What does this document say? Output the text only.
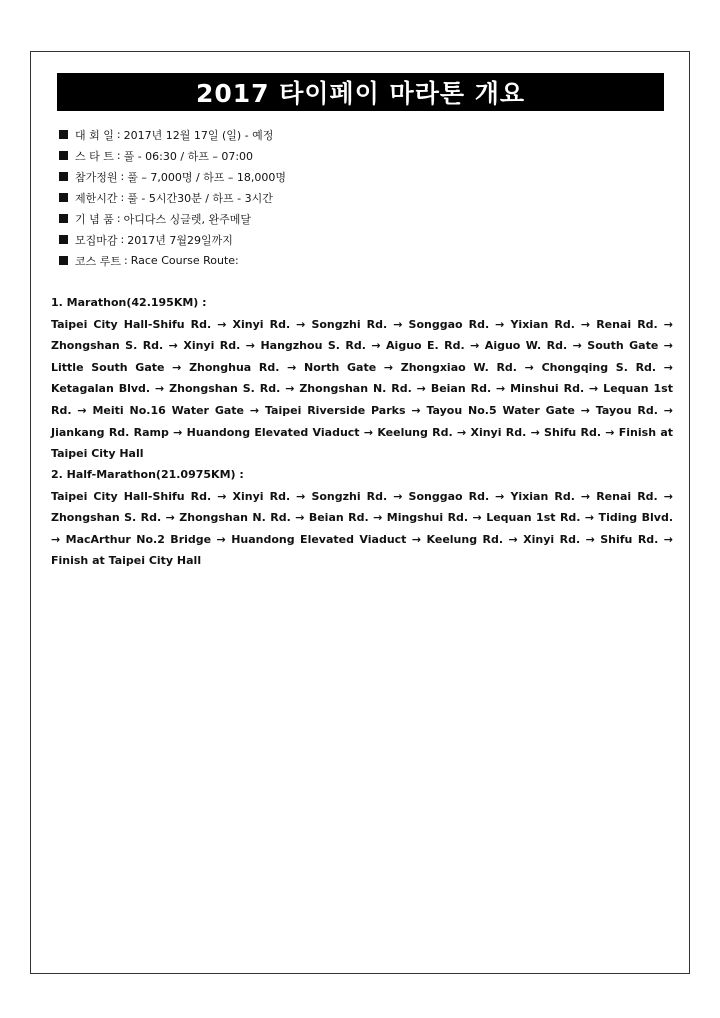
2017 타이페이 마라톤 개요
대 회 일 : 2017년 12월 17일 (일) - 예정
스 타 트 : 풀 - 06:30 / 하프 – 07:00
참가정원 : 풀 – 7,000명 / 하프 – 18,000명
제한시간 : 풀 - 5시간30분 / 하프 - 3시간
기 념 품 : 아디다스 싱글렛, 완주메달
모집마감 : 2017년 7월29일까지
코스 루트 : Race Course Route:

1. Marathon(42.195KM) :

Taipei City Hall-Shifu Rd. → Xinyi Rd. → Songzhi Rd. → Songgao Rd. → Yixian Rd. → Renai Rd. → Zhongshan S. Rd. → Xinyi Rd. → Hangzhou S. Rd. → Aiguo E. Rd. → Aiguo W. Rd. → South Gate → Little South Gate → Zhonghua Rd. → North Gate → Zhongxiao W. Rd. → Chongqing S. Rd. → Ketagalan Blvd. → Zhongshan S. Rd. → Zhongshan N. Rd. → Beian Rd. → Minshui Rd. → Lequan 1st Rd. → Meiti No.16 Water Gate → Taipei Riverside Parks → Tayou No.5 Water Gate → Tayou Rd. → Jiankang Rd. Ramp → Huandong Elevated Viaduct → Keelung Rd. → Xinyi Rd. → Shifu Rd. → Finish at Taipei City Hall

2. Half-Marathon(21.0975KM) :

Taipei City Hall-Shifu Rd. → Xinyi Rd. → Songzhi Rd. → Songgao Rd. → Yixian Rd. → Renai Rd. → Zhongshan S. Rd. → Zhongshan N. Rd. → Beian Rd. → Mingshui Rd. → Lequan 1st Rd. → Tiding Blvd. → MacArthur No.2 Bridge → Huandong Elevated Viaduct → Keelung Rd. → Xinyi Rd. → Shifu Rd. → Finish at Taipei City Hall
